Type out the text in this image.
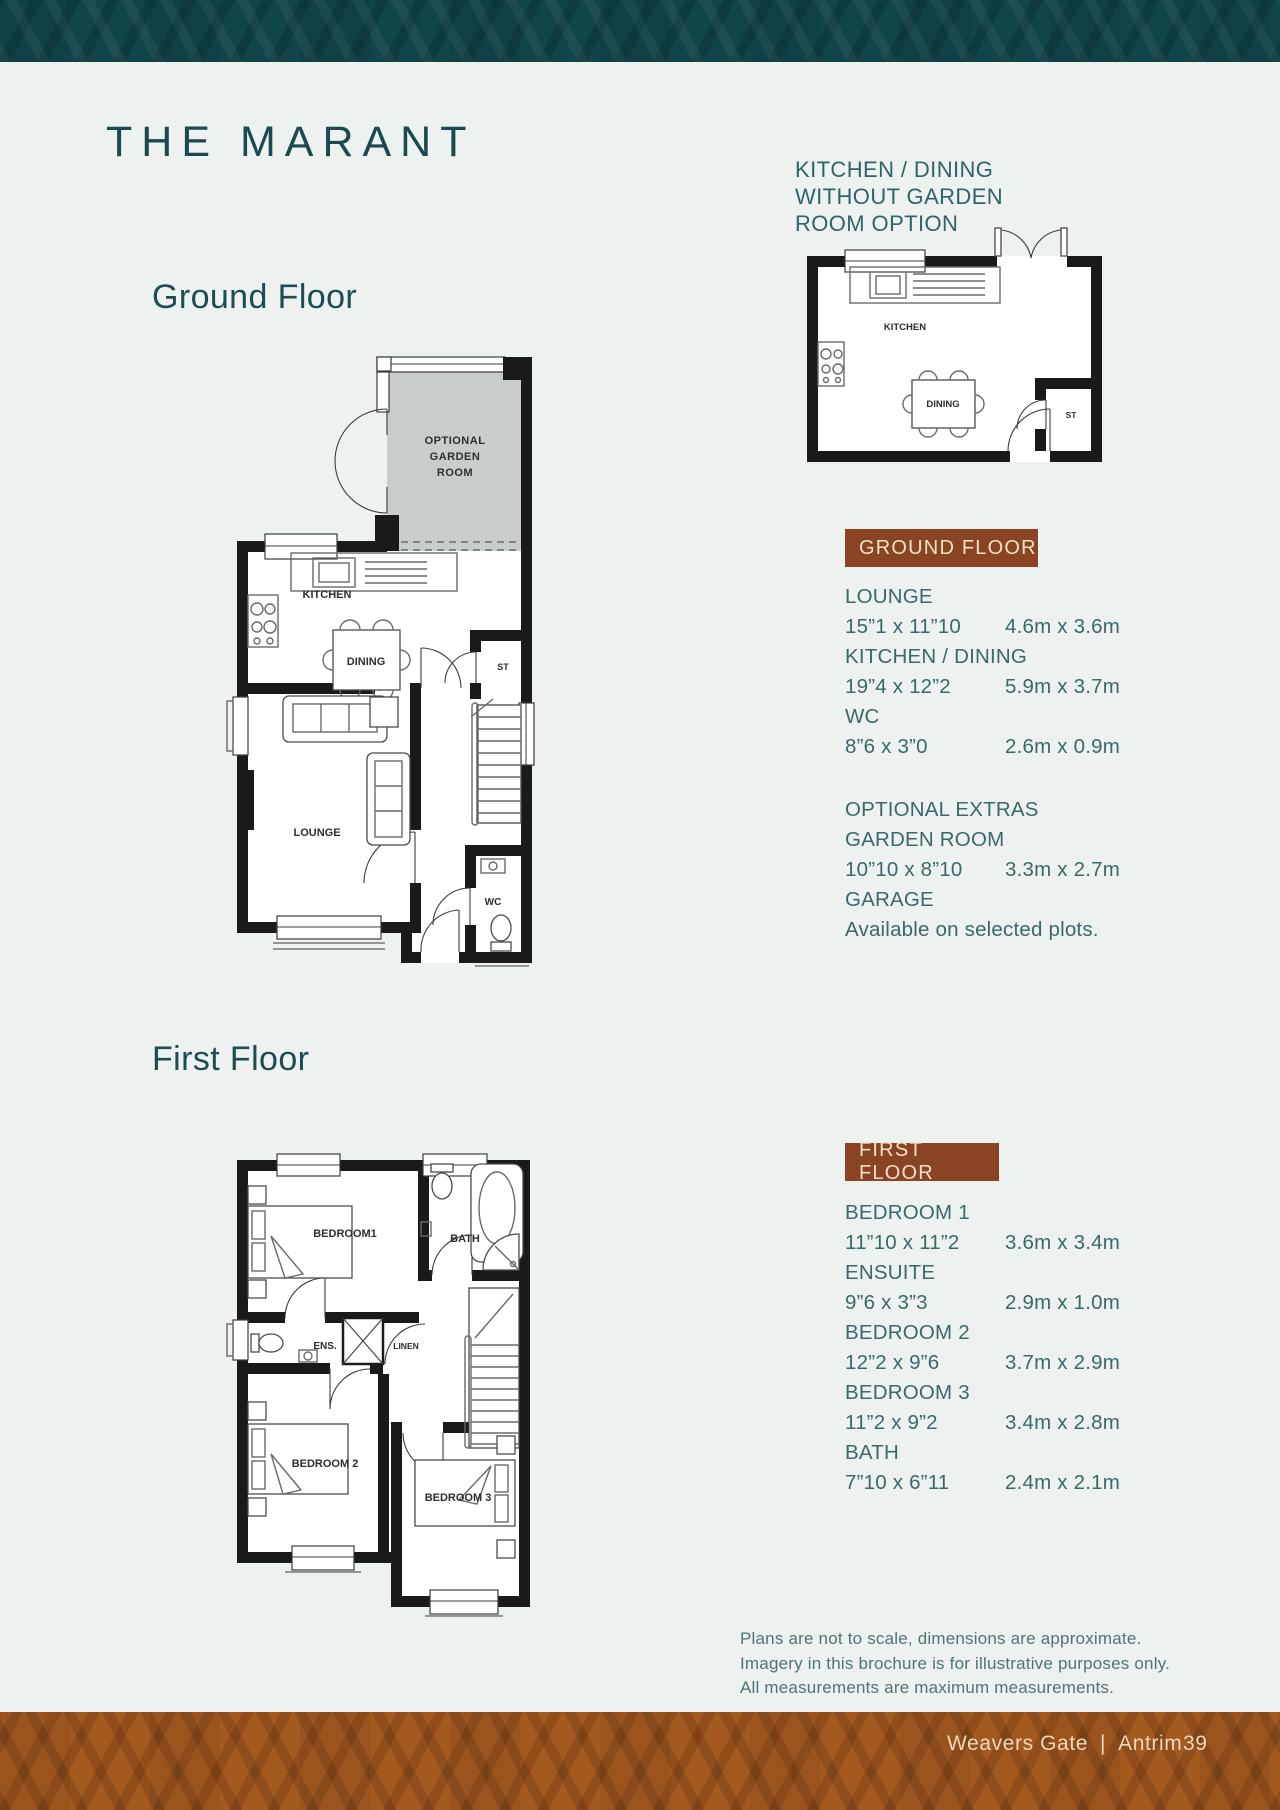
THE MARANT
KITCHEN / DINING
WITHOUT GARDEN
ROOM OPTION
Ground Floor
OPTIONAL
GARDEN
ROOM
KITCHEN
DINING	ST
LOUNGE
WC
KITCHEN
DINING
ST
GROUND FLOOR
LOUNGE
15”1 x 11”10	4.6m x 3.6m
KITCHEN / DINING
19”4 x 12”2	5.9m x 3.7m
WC
8”6 x 3”0	2.6m x 0.9m
OPTIONAL EXTRAS
GARDEN ROOM
10”10 x 8”10	3.3m x 2.7m
GARAGE
Available on selected plots.
First Floor
BEDROOM1	BATH
ENS.	LINEN
BEDROOM 2
BEDROOM 3
FIRST FLOOR
BEDROOM 1
11”10 x 11”2	3.6m x 3.4m
ENSUITE
9”6 x 3”3	2.9m x 1.0m
BEDROOM 2
12”2 x 9”6	3.7m x 2.9m
BEDROOM 3
11”2 x 9”2	3.4m x 2.8m
BATH
7”10 x 6”11	2.4m x 2.1m
Plans are not to scale, dimensions are approximate.
Imagery in this brochure is for illustrative purposes only.
All measurements are maximum measurements.
Weavers Gate | Antrim 39
